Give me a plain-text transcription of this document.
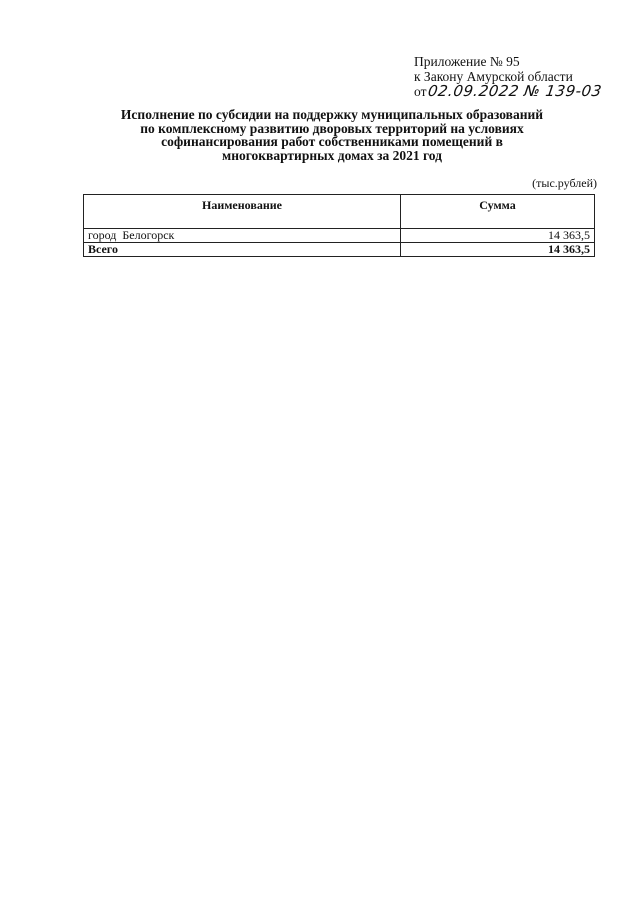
Приложение № 95
к Закону Амурской области
от02.09.2022 № 139-03
Исполнение по субсидии на поддержку муниципальных образований
по комплексному развитию дворовых территорий на условиях
софинансирования работ собственниками помещений в
многоквартирных домах за 2021 год
(тыс.рублей)
Наименование	Сумма
город  Белогорск	14 363,5
Всего	14 363,5
